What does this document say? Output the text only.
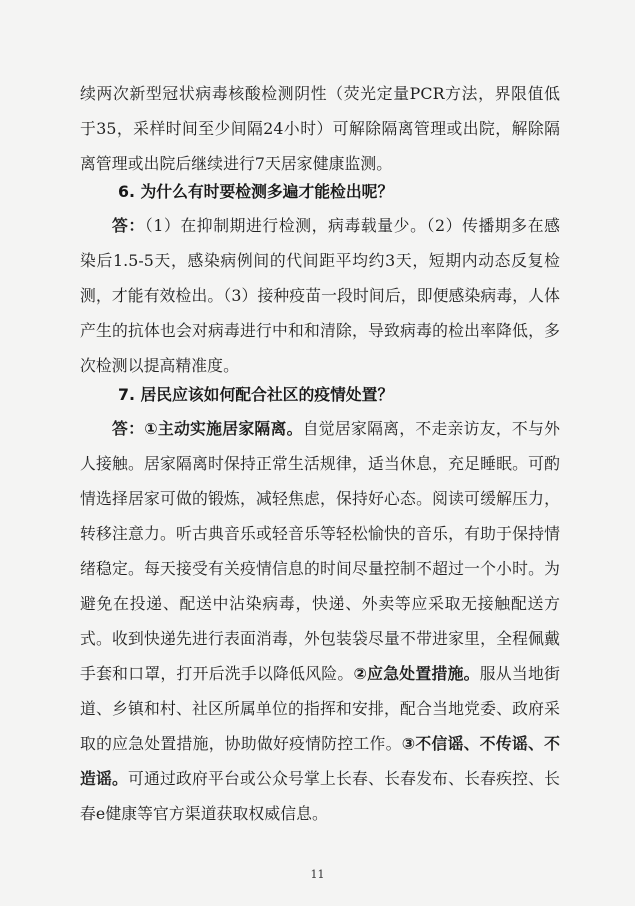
续两次新型冠状病毒核酸检测阴性（荧光定量PCR方法，界限值低于35，采样时间至少间隔24小时）可解除隔离管理或出院，解除隔离管理或出院后继续进行7天居家健康监测。

6. 为什么有时要检测多遍才能检出呢？

答：（1）在抑制期进行检测，病毒载量少。（2）传播期多在感染后1.5-5天，感染病例间的代间距平均约3天，短期内动态反复检测，才能有效检出。（3）接种疫苗一段时间后，即便感染病毒，人体产生的抗体也会对病毒进行中和和清除，导致病毒的检出率降低，多次检测以提高精准度。

7. 居民应该如何配合社区的疫情处置？

答：①主动实施居家隔离。自觉居家隔离，不走亲访友，不与外人接触。居家隔离时保持正常生活规律，适当休息，充足睡眠。可酌情选择居家可做的锻炼，减轻焦虑，保持好心态。阅读可缓解压力，转移注意力。听古典音乐或轻音乐等轻松愉快的音乐，有助于保持情绪稳定。每天接受有关疫情信息的时间尽量控制不超过一个小时。为避免在投递、配送中沾染病毒，快递、外卖等应采取无接触配送方式。收到快递先进行表面消毒，外包装袋尽量不带进家里，全程佩戴手套和口罩，打开后洗手以降低风险。②应急处置措施。服从当地街道、乡镇和村、社区所属单位的指挥和安排，配合当地党委、政府采取的应急处置措施，协助做好疫情防控工作。③不信谣、不传谣、不造谣。可通过政府平台或公众号掌上长春、长春发布、长春疾控、长春e健康等官方渠道获取权威信息。

11
